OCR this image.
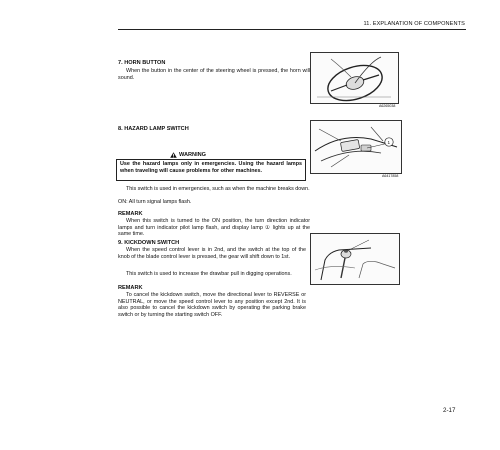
11. EXPLANATION OF COMPONENTS
7. HORN BUTTON
When the button in the center of the steering wheel is pressed, the horn will sound.
A6265038
8. HAZARD LAMP SWITCH
WARNING
Use the hazard lamps only in emergencies. Using the hazard lamps when traveling will cause problems for other machines.
This switch is used in emergencies, such as when the machine breaks down.
ON: All turn signal lamps flash.
REMARK
When this switch is turned to the ON position, the turn direction indicator lamps and turn indicator pilot lamp flash, and display lamp ① lights up at the same time.
1
A6417858
9. KICKDOWN SWITCH
When the speed control lever is in 2nd, and the switch at the top of the knob of the blade control lever is pressed, the gear will shift down to 1st.
This switch is used to increase the drawbar pull in digging operations.
REMARK
To cancel the kickdown switch, move the directional lever to REVERSE or NEUTRAL, or move the speed control lever to any position except 2nd. It is also possible to cancel the kickdown switch by operating the parking brake switch or by turning the starting switch OFF.
2-17
